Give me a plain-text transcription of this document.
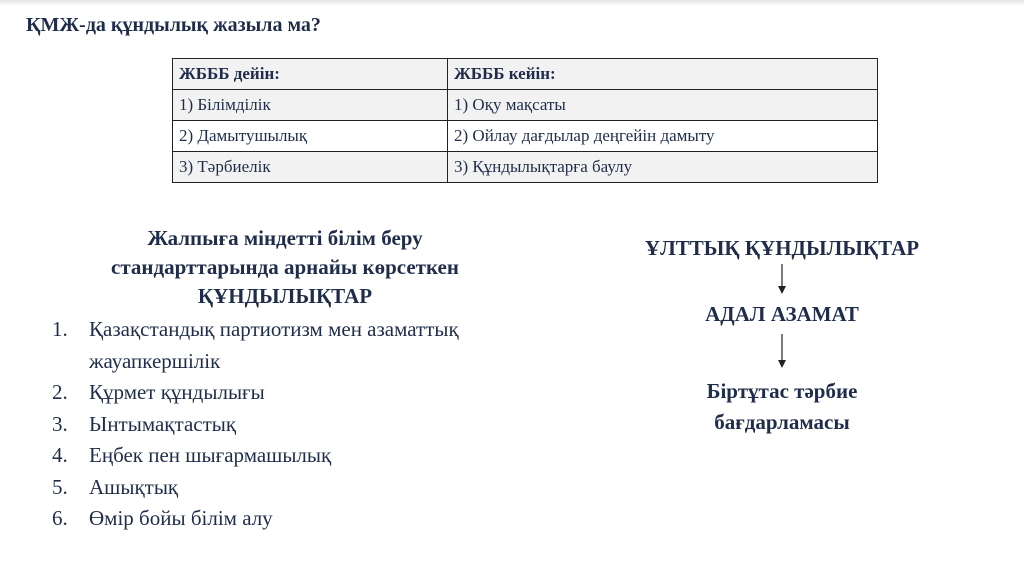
ҚМЖ-да құндылық жазыла ма?
ЖБББ дейін:	ЖБББ кейін:
1) Білімділік	1) Оқу мақсаты
2) Дамытушылық	2) Ойлау дағдылар деңгейін дамыту
3) Тәрбиелік	3) Құндылықтарға баулу
Жалпыға міндетті білім беру
стандарттарында арнайы көрсеткен
ҚҰНДЫЛЫҚТАР
1.	Қазақстандық партиотизм мен азаматтық
жауапкершілік
2.	Құрмет құндылығы
3.	Ынтымақтастық
4.	Еңбек пен шығармашылық
5.	Ашықтық
6.	Өмір бойы білім алу
ҰЛТТЫҚ ҚҰНДЫЛЫҚТАР
АДАЛ АЗАМАТ
Біртұтас тәрбие
бағдарламасы
